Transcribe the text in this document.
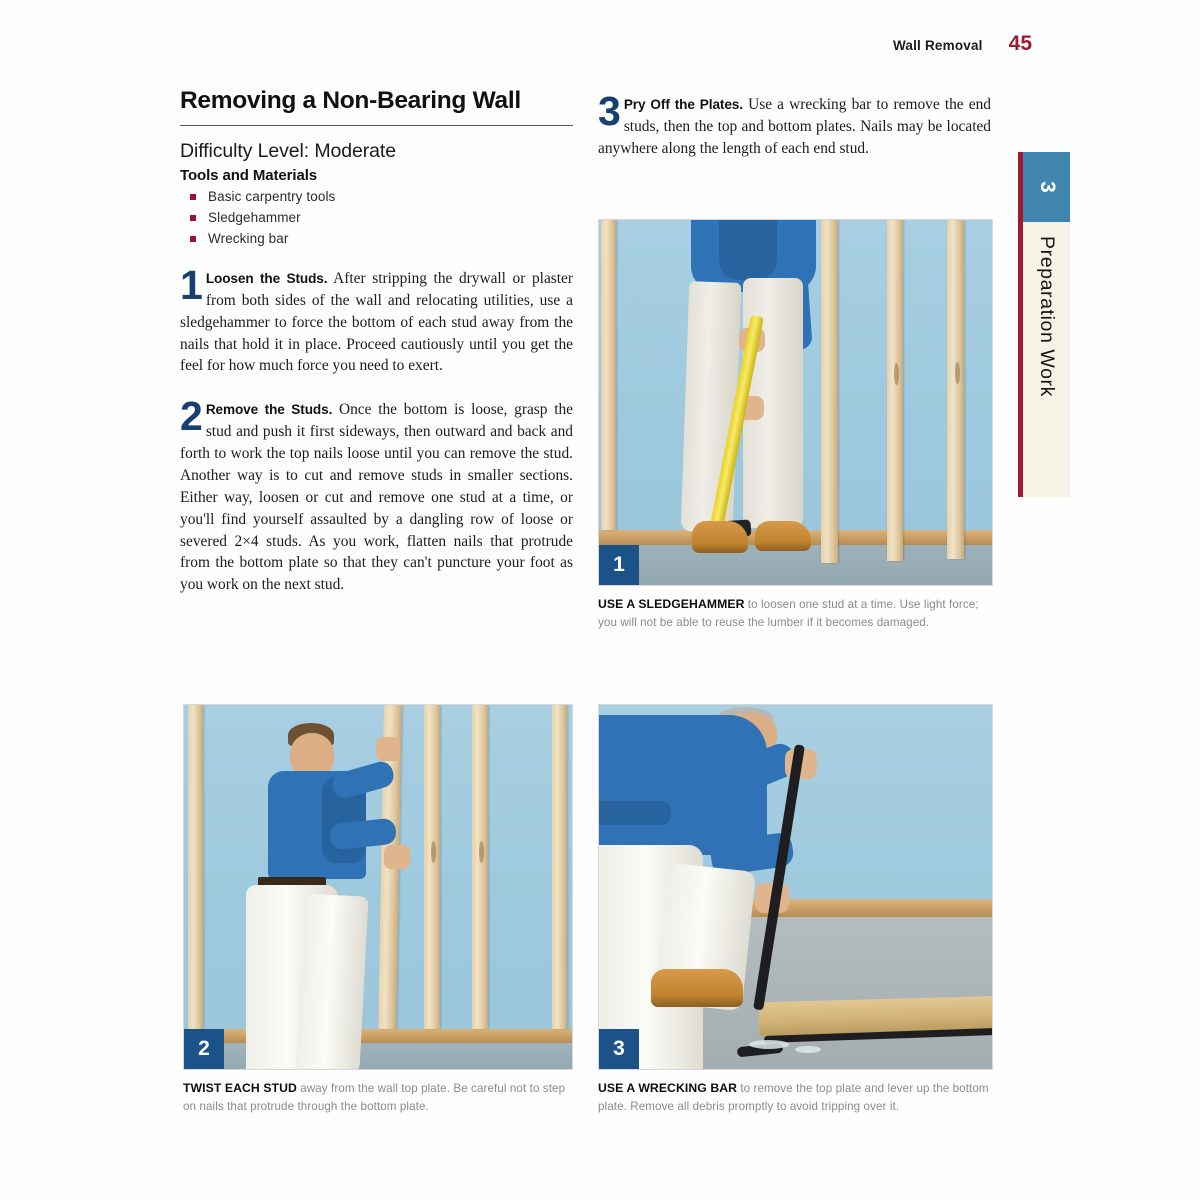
Wall Removal 45
3
Preparation Work
Removing a Non-Bearing Wall
Difficulty Level: Moderate
Tools and Materials
Basic carpentry tools
Sledgehammer
Wrecking bar

1 Loosen the Studs. After stripping the drywall or plaster from both sides of the wall and relocating utilities, use a sledgehammer to force the bottom of each stud away from the nails that hold it in place. Proceed cautiously until you get the feel for how much force you need to exert.

2 Remove the Studs. Once the bottom is loose, grasp the stud and push it first sideways, then outward and back and forth to work the top nails loose until you can remove the stud. Another way is to cut and remove studs in smaller sections. Either way, loosen or cut and remove one stud at a time, or you'll find yourself assaulted by a dangling row of loose or severed 2×4 studs. As you work, flatten nails that protrude from the bottom plate so that they can't puncture your foot as you work on the next stud.

3 Pry Off the Plates. Use a wrecking bar to remove the end studs, then the top and bottom plates. Nails may be located anywhere along the length of each end stud.

1
USE A SLEDGEHAMMER to loosen one stud at a time. Use light force; you will not be able to reuse the lumber if it becomes damaged.
2
TWIST EACH STUD away from the wall top plate. Be careful not to step on nails that protrude through the bottom plate.
3
USE A WRECKING BAR to remove the top plate and lever up the bottom plate. Remove all debris promptly to avoid tripping over it.
